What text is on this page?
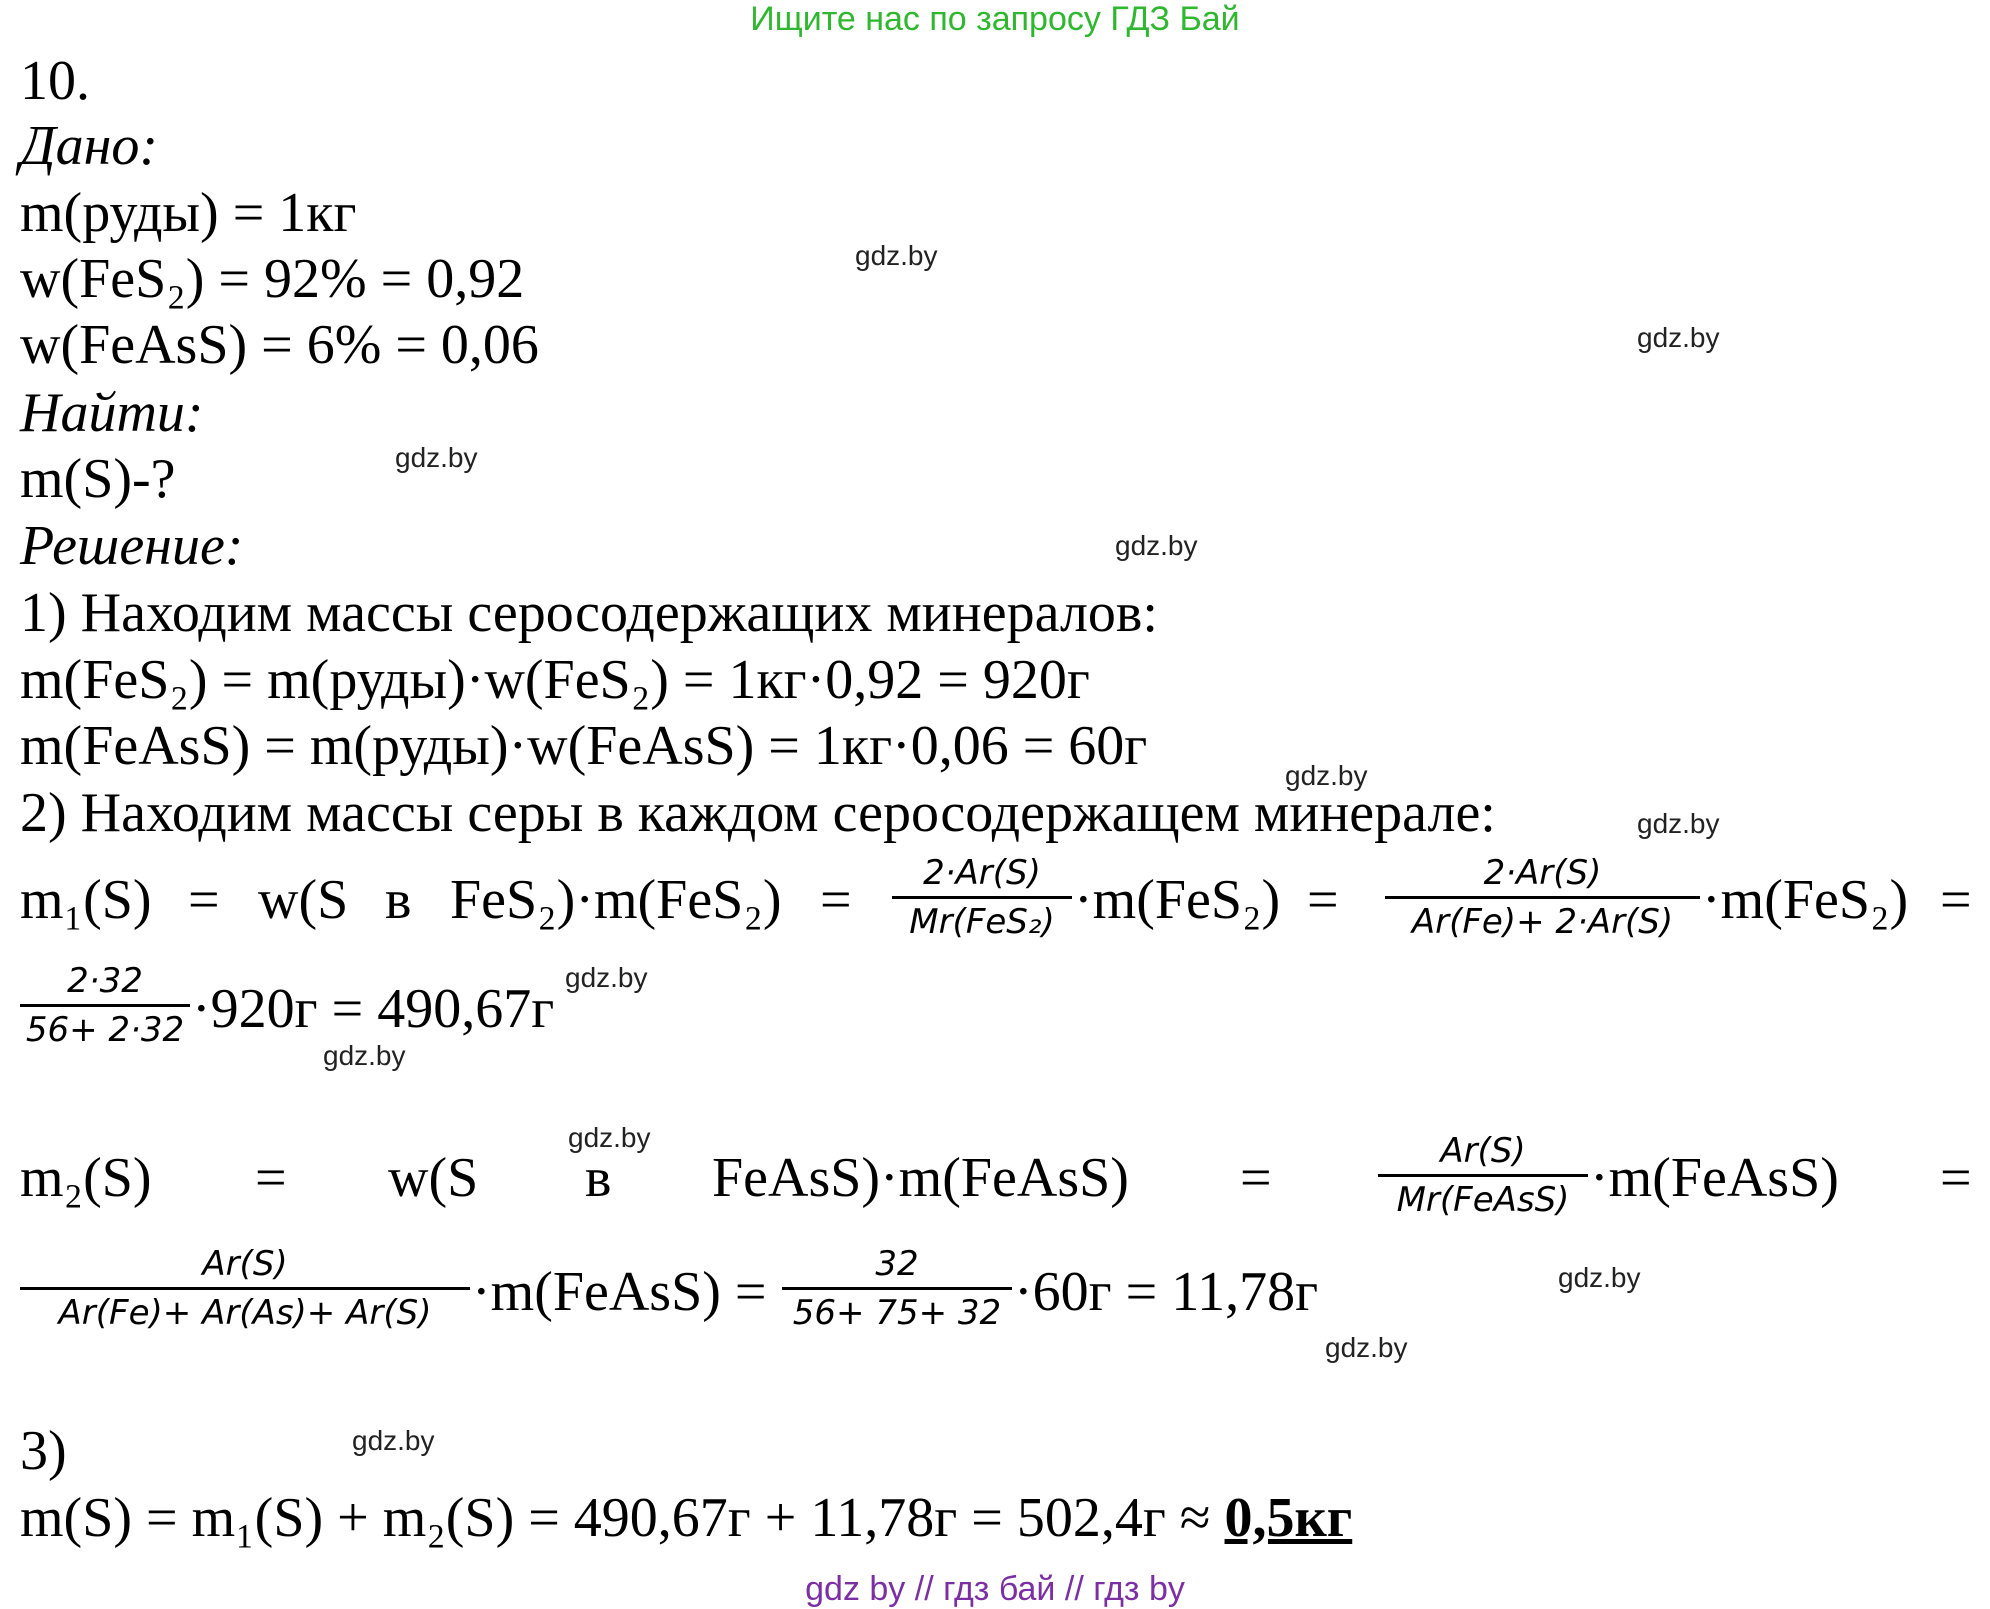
Ищите нас по запросу ГДЗ Бай
10.
Дано:
m(руды) = 1кг
w(FeS₂) = 92% = 0,92
w(FeAsS) = 6% = 0,06
Найти:
m(S)-?
Решение:
1) Находим массы серосодержащих минералов:
m(FeS₂) = m(руды)·w(FeS₂) = 1кг·0,92 = 920г
m(FeAsS) = m(руды)·w(FeAsS) = 1кг·0,06 = 60г
2) Находим массы серы в каждом серосодержащем минерале:
m₁(S) = w(S в FeS₂)·m(FeS₂) =	2·Ar(S)
Mr(FeS₂) ·m(FeS₂) =	2·Ar(S)
Ar(Fe)+ 2·Ar(S) ·m(FeS₂) =
2·32
56+ 2·32 ·920г = 490,67г
m₂(S) = w(S в FeAsS)·m(FeAsS) =	Ar(S)
Mr(FeAsS) ·m(FeAsS) =
Ar(S)
Ar(Fe)+ Ar(As)+ Ar(S) ·m(FeAsS) =	32
56+ 75+ 32 ·60г = 11,78г
3)
m(S) = m₁(S) + m₂(S) = 490,67г + 11,78г = 502,4г ≈ 0,5кг
gdz.by
gdz.by
gdz.by
gdz.by
gdz.by
gdz.by
gdz.by
gdz.by
gdz.by
gdz.by
gdz.by
gdz.by
gdz by // гдз бай // гдз by
